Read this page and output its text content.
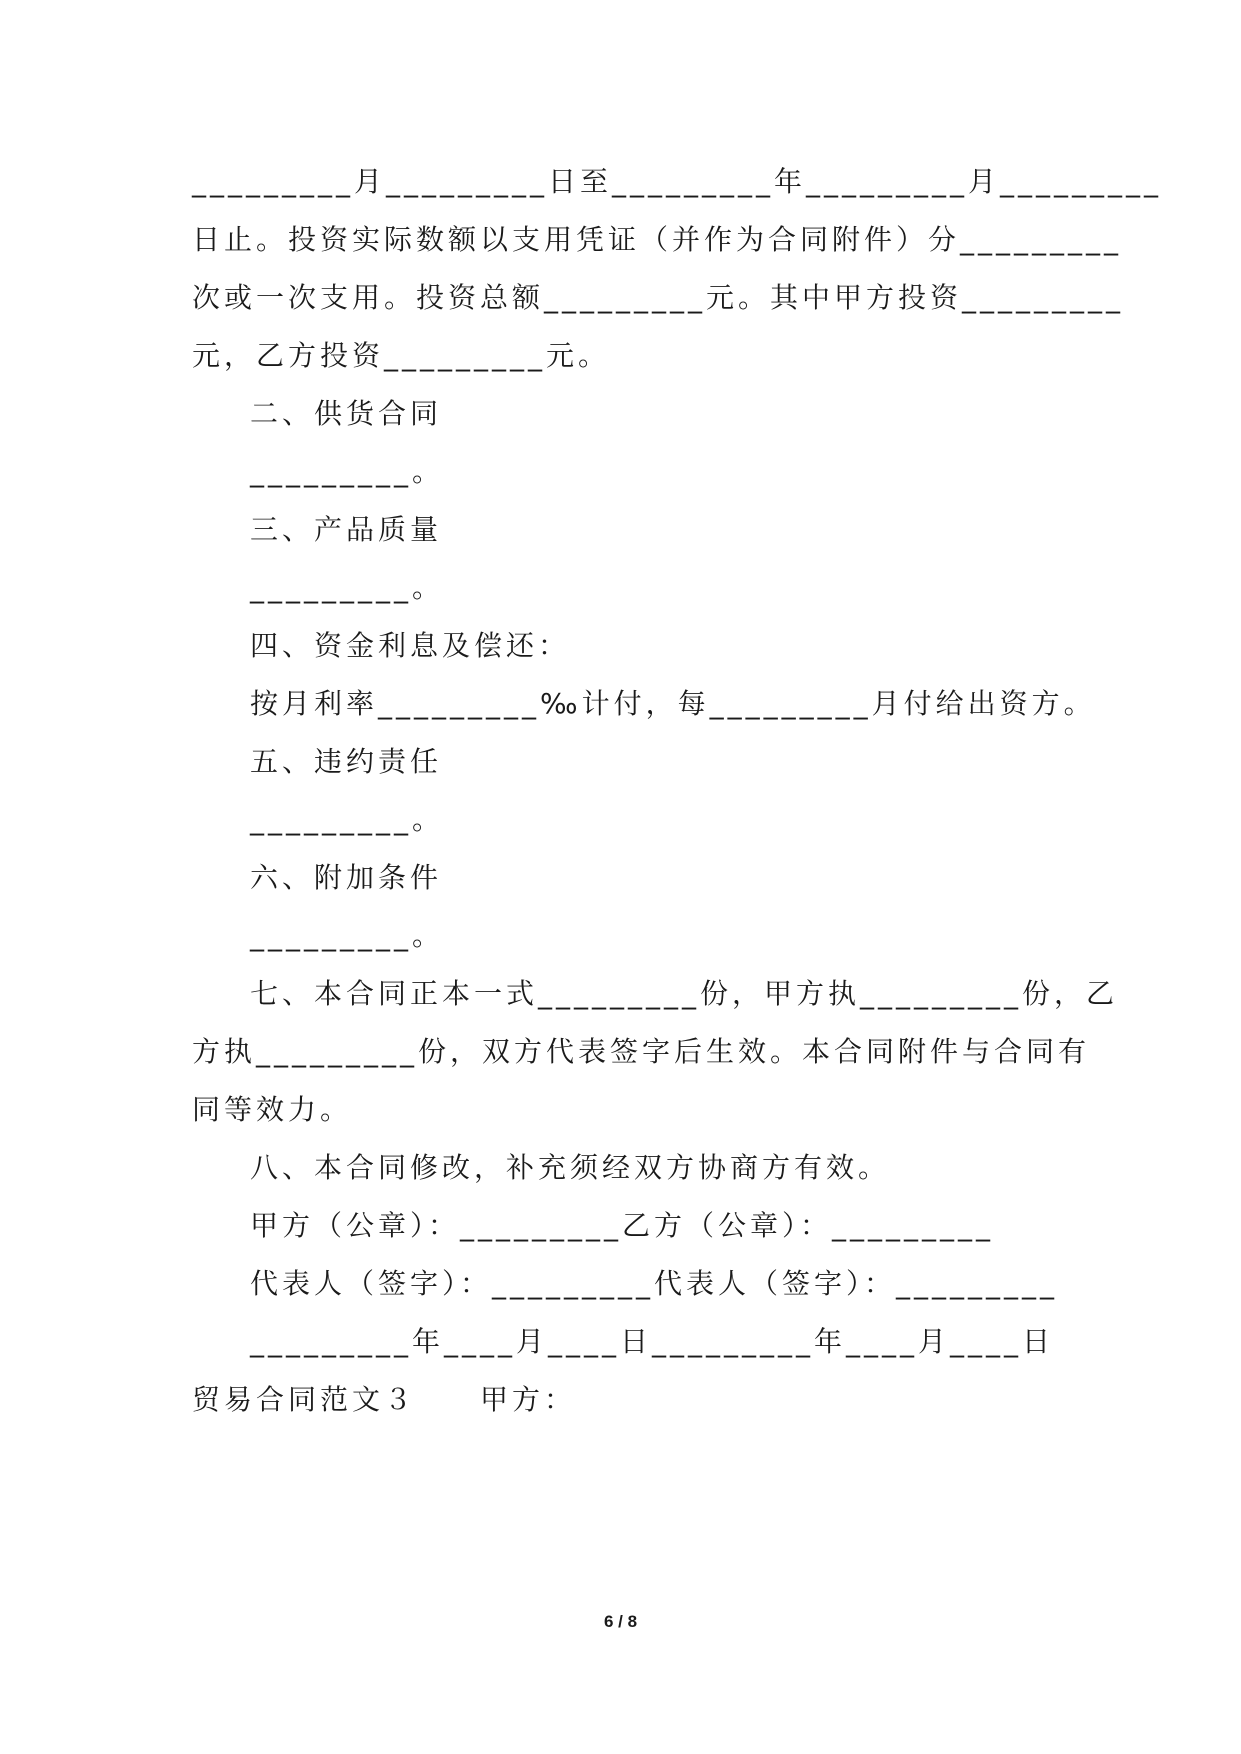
_________月_________日至_________年_________月_________
日止。投资实际数额以支用凭证（并作为合同附件）分_________
次或一次支用。投资总额_________元。其中甲方投资_________
元，乙方投资_________元。
二、供货合同
_________。
三、产品质量
_________。
四、资金利息及偿还：
按月利率_________‰计付，每_________月付给出资方。
五、违约责任
_________。
六、附加条件
_________。
七、本合同正本一式_________份，甲方执_________份，乙
方执_________份，双方代表签字后生效。本合同附件与合同有
同等效力。
八、本合同修改，补充须经双方协商方有效。
甲方（公章）：_________乙方（公章）：_________
代表人（签字）：_________代表人（签字）：_________
_________年____月____日_________年____月____日
贸易合同范文３　　甲方：
6 / 8
